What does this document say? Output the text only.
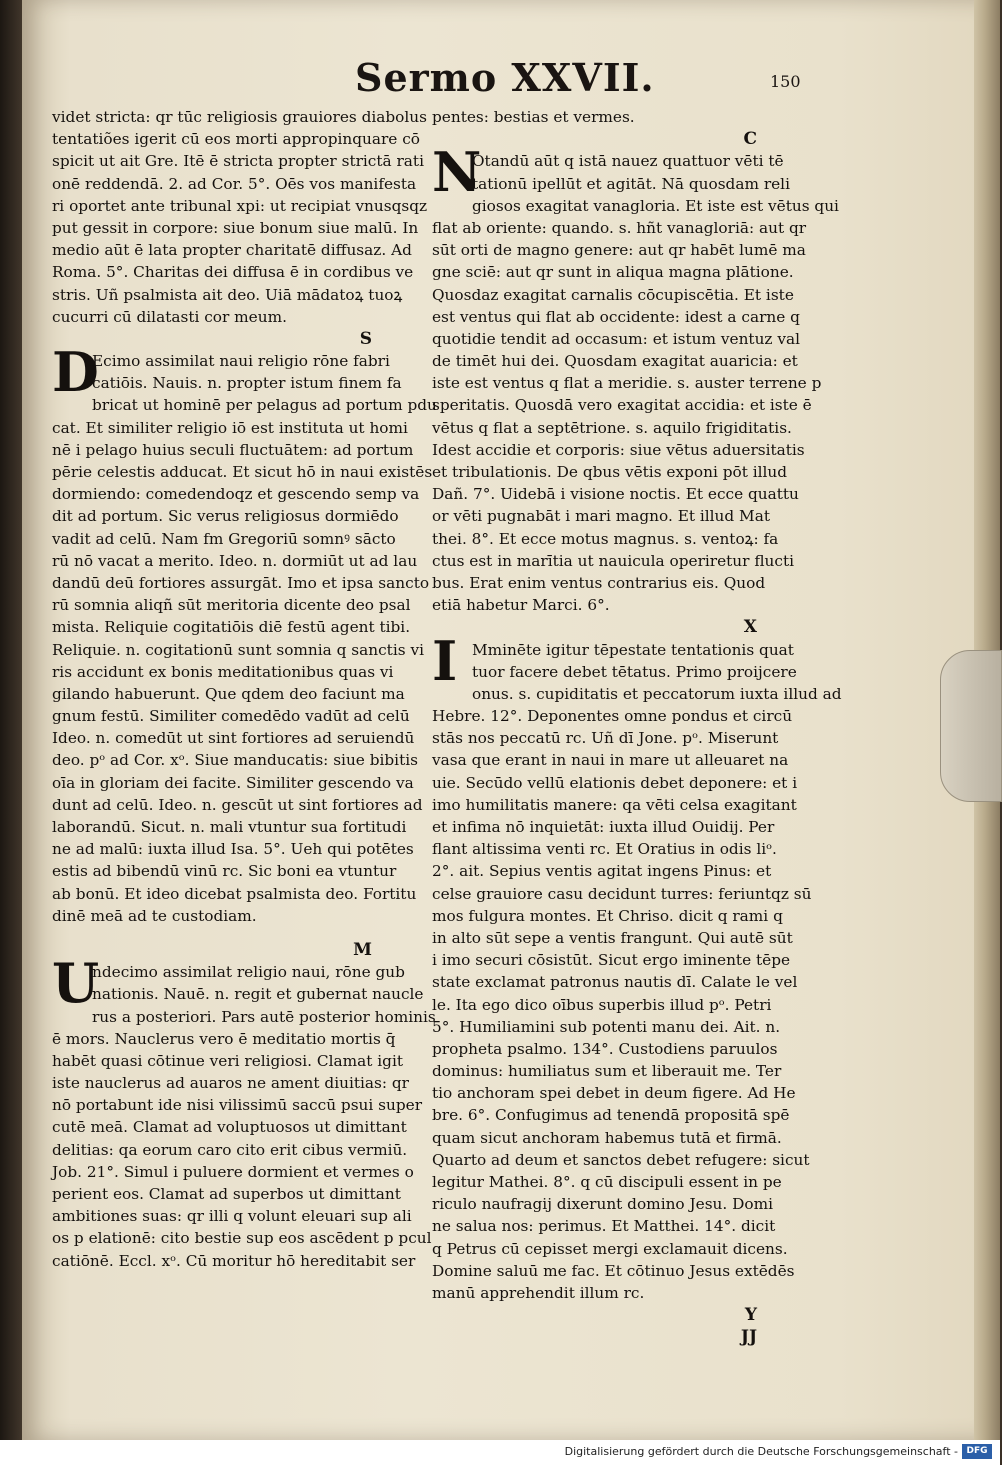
Sermo XXVII.	150
videt stricta: qr tūc religiosis grauiores diabolus
tentatiões igerit cū eos morti appropinquare cō
spicit ut ait Gre. Itē ē stricta propter strictā rati
onē reddendā. 2. ad Cor. 5°. Oēs vos manifesta
ri oportet ante tribunal xpi: ut recipiat vnusqsqz
put gessit in corpore: siue bonum siue malū. In
medio aūt ē lata propter charitatē diffusaz. Ad
Roma. 5°. Charitas dei diffusa ē in cordibus ve
stris. Uñ psalmista ait deo. Uiā mādatoꝝ tuoꝝ
cucurri cū dilatasti cor meum.
S
D
Ecimo assimilat naui religio rōne fabri
catiōis. Nauis. n. propter istum finem fa
bricat ut hominē per pelagus ad portum pdu
cat. Et similiter religio iō est instituta ut homi
nē i pelago huius seculi fluctuātem: ad portum
pērie celestis adducat. Et sicut hō in naui existēs
dormiendo: comedendoqz et gescendo semp va
dit ad portum. Sic verus religiosus dormiēdo
vadit ad celū. Nam fm Gregoriū somnꝰ sācto
rū nō vacat a merito. Ideo. n. dormiūt ut ad lau
dandū deū fortiores assurgāt. Imo et ipsa sancto
rū somnia aliqñ sūt meritoria dicente deo psal
mista. Reliquie cogitatiōis diē festū agent tibi.
Reliquie. n. cogitationū sunt somnia q sanctis vi
ris accidunt ex bonis meditationibus quas vi
gilando habuerunt. Que qdem deo faciunt ma
gnum festū. Similiter comedēdo vadūt ad celū
Ideo. n. comedūt ut sint fortiores ad seruiendū
deo. pᵒ ad Cor. xᵒ. Siue manducatis: siue bibitis
oīa in gloriam dei facite. Similiter gescendo va
dunt ad celū. Ideo. n. gescūt ut sint fortiores ad
laborandū. Sicut. n. mali vtuntur sua fortitudi
ne ad malū: iuxta illud Isa. 5°. Ueh qui potētes
estis ad bibendū vinū rc. Sic boni ea vtuntur
ab bonū. Et ideo dicebat psalmista deo. Fortitu
dinē meā ad te custodiam.
M
U
ndecimo assimilat religio naui, rōne gub
nationis. Nauē. n. regit et gubernat naucle
rus a posteriori. Pars autē posterior hominis
ē mors. Nauclerus vero ē meditatio mortis q̄
habēt quasi cōtinue veri religiosi. Clamat igit
iste nauclerus ad auaros ne ament diuitias: qr
nō portabunt ide nisi vilissimū saccū psui super
cutē meā. Clamat ad voluptuosos ut dimittant
delitias: qa eorum caro cito erit cibus vermiū.
Job. 21°. Simul i puluere dormient et vermes o
perient eos. Clamat ad superbos ut dimittant
ambitiones suas: qr illi q volunt eleuari sup ali
os p elationē: cito bestie sup eos ascēdent p pcul
catiōnē. Eccl. xᵒ. Cū moritur hō hereditabit ser
pentes: bestias et vermes.
C
N
Otandū aūt q istā nauez quattuor vēti tē
tationū ipellūt et agitāt. Nā quosdam reli
giosos exagitat vanagloria. Et iste est vētus qui
flat ab oriente: quando. s. hñt vanagloriā: aut qr
sūt orti de magno genere: aut qr habēt lumē ma
gne sciē: aut qr sunt in aliqua magna plātione.
Quosdaz exagitat carnalis cōcupiscētia. Et iste
est ventus qui flat ab occidente: idest a carne q
quotidie tendit ad occasum: et istum ventuz val
de timēt hui dei. Quosdam exagitat auaricia: et
iste est ventus q flat a meridie. s. auster terrene p
speritatis. Quosdā vero exagitat accidia: et iste ē
vētus q flat a septētrione. s. aquilo frigiditatis.
Idest accidie et corporis: siue vētus aduersitatis
et tribulationis. De qbus vētis exponi pōt illud
Dañ. 7°. Uidebā i visione noctis. Et ecce quattu
or vēti pugnabāt i mari magno. Et illud Mat
thei. 8°. Et ecce motus magnus. s. ventoꝝ: fa
ctus est in marītia ut nauicula operiretur flucti
bus. Erat enim ventus contrarius eis. Quod
etiā habetur Marci. 6°.
X
I Mminēte igitur tēpestate tentationis quat
tuor facere debet tētatus. Primo proijcere
onus. s. cupiditatis et peccatorum iuxta illud ad
Hebre. 12°. Deponentes omne pondus et circū
stās nos peccatū rc. Uñ dī Jone. pᵒ. Miserunt
vasa que erant in naui in mare ut alleuaret na
uie. Secūdo vellū elationis debet deponere: et i
imo humilitatis manere: qa vēti celsa exagitant
et infima nō inquietāt: iuxta illud Ouidij. Per
flant altissima venti rc. Et Oratius in odis liᵒ.
2°. ait. Sepius ventis agitat ingens Pinus: et
celse grauiore casu decidunt turres: feriuntqz sū
mos fulgura montes. Et Chriso. dicit q rami q
in alto sūt sepe a ventis frangunt. Qui autē sūt
i imo securi cōsistūt. Sicut ergo iminente tēpe
state exclamat patronus nautis dī. Calate le vel
le. Ita ego dico oībus superbis illud pᵒ. Petri
5°. Humiliamini sub potenti manu dei. Ait. n.
propheta psalmo. 134°. Custodiens paruulos
dominus: humiliatus sum et liberauit me. Ter
tio anchoram spei debet in deum figere. Ad He
bre. 6°. Confugimus ad tenendā propositā spē
quam sicut anchoram habemus tutā et firmā.
Quarto ad deum et sanctos debet refugere: sicut
legitur Mathei. 8°. q cū discipuli essent in pe
riculo naufragij dixerunt domino Jesu. Domi
ne salua nos: perimus. Et Matthei. 14°. dicit
q Petrus cū cepisset mergi exclamauit dicens.
Domine saluū me fac. Et cōtinuo Jesus extēdēs
manū apprehendit illum rc.
Y
JJ
Digitalisierung gefördert durch die Deutsche Forschungsgemeinschaft - DFG
